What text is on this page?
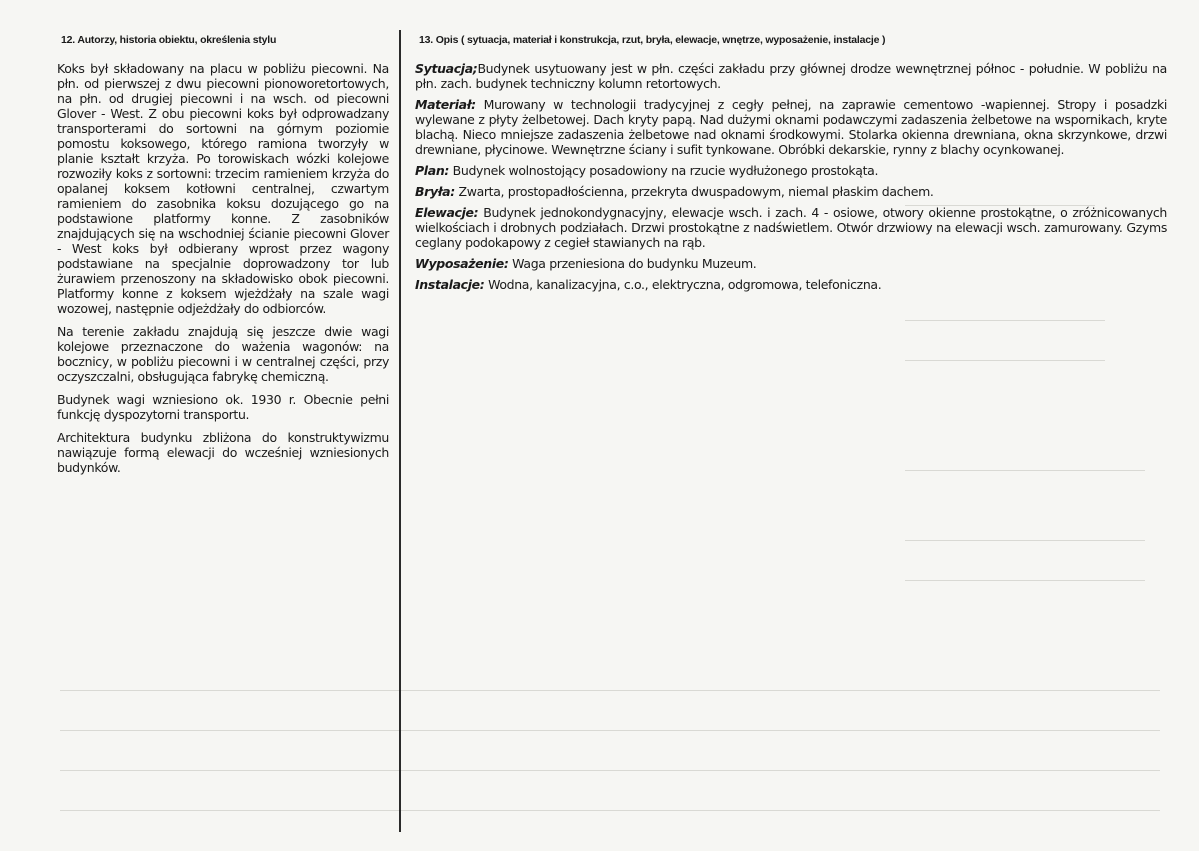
12. Autorzy, historia obiektu, określenia stylu

Koks był składowany na placu w pobliżu piecowni. Na płn. od pierwszej z dwu piecowni pionoworetortowych, na płn. od drugiej piecowni i na wsch. od piecowni Glover - West. Z obu piecowni koks był odprowadzany transporterami do sortowni na górnym poziomie pomostu koksowego, którego ramiona tworzyły w planie kształt krzyża. Po torowiskach wózki kolejowe rozwoziły koks z sortowni: trzecim ramieniem krzyża do opalanej koksem kotłowni centralnej, czwartym ramieniem do zasobnika koksu dozującego go na podstawione platformy konne. Z zasobników znajdujących się na wschodniej ścianie piecowni Glover - West koks był odbierany wprost przez wagony podstawiane na specjalnie doprowadzony tor lub żurawiem przenoszony na składowisko obok piecowni. Platformy konne z koksem wjeżdżały na szale wagi wozowej, następnie odjeżdżały do odbiorców.

Na terenie zakładu znajdują się jeszcze dwie wagi kolejowe przeznaczone do ważenia wagonów: na bocznicy, w pobliżu piecowni i w centralnej części, przy oczyszczalni, obsługująca fabrykę chemiczną.

Budynek wagi wzniesiono ok. 1930 r. Obecnie pełni funkcję dyspozytorni transportu.

Architektura budynku zbliżona do konstruktywizmu nawiązuje formą elewacji do wcześniej wzniesionych budynków.

13. Opis ( sytuacja, materiał i konstrukcja, rzut, bryła, elewacje, wnętrze, wyposażenie, instalacje )

Sytuacja;Budynek usytuowany jest w płn. części zakładu przy głównej drodze wewnętrznej północ - południe. W pobliżu na płn. zach. budynek techniczny kolumn retortowych.

Materiał: Murowany w technologii tradycyjnej z cegły pełnej, na zaprawie cementowo -wapiennej. Stropy i posadzki wylewane z płyty żelbetowej. Dach kryty papą. Nad dużymi oknami podawczymi zadaszenia żelbetowe na wspornikach, kryte blachą. Nieco mniejsze zadaszenia żelbetowe nad oknami środkowymi. Stolarka okienna drewniana, okna skrzynkowe, drzwi drewniane, płycinowe. Wewnętrzne ściany i sufit tynkowane. Obróbki dekarskie, rynny z blachy ocynkowanej.

Plan: Budynek wolnostojący posadowiony na rzucie wydłużonego prostokąta.

Bryła: Zwarta, prostopadłościenna, przekryta dwuspadowym, niemal płaskim dachem.

Elewacje: Budynek jednokondygnacyjny, elewacje wsch. i zach. 4 - osiowe, otwory okienne prostokątne, o zróżnicowanych wielkościach i drobnych podziałach. Drzwi prostokątne z nadświetlem. Otwór drzwiowy na elewacji wsch. zamurowany. Gzyms ceglany podokapowy z cegieł stawianych na rąb.

Wyposażenie: Waga przeniesiona do budynku Muzeum.

Instalacje: Wodna, kanalizacyjna, c.o., elektryczna, odgromowa, telefoniczna.
